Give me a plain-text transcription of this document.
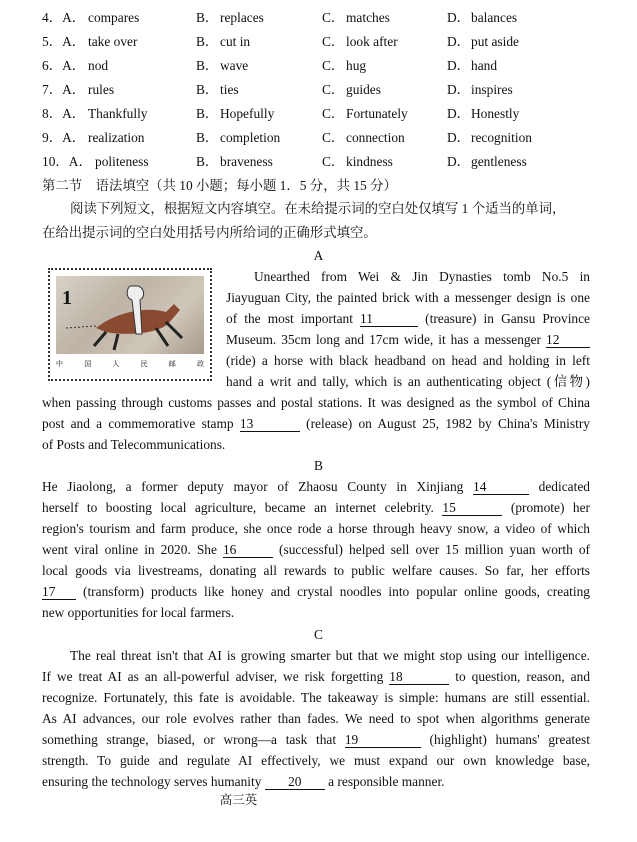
4．A． compares	B． replaces	C． matches	D． balances
5．A． take over	B． cut in	C． look after	D． put aside
6．A． nod	B． wave	C． hug	D． hand
7．A． rules	B． ties	C． guides	D． inspires
8．A． Thankfully	B． Hopefully	C． Fortunately	D． Honestly
9．A． realization	B． completion	C． connection	D． recognition
10．A． politeness	B． braveness	C． kindness	D． gentleness
第二节　语法填空（共 10 小题；每小题 1．5 分，共 15 分）
阅读下列短文，根据短文内容填空。在未给提示词的空白处仅填写 1 个适当的单词，
在给出提示词的空白处用括号内所给词的正确形式填空。
1
中	国	人	民	邮	政
A
Unearthed from Wei & Jin Dynasties tomb No.5 in
Jiayuguan City, the painted brick with a messenger design is one
of the most important 11	(treasure) in Gansu Province
Museum. 35cm long and 17cm wide, it has a messenger 12
(ride) a horse with black headband on head and holding in left
hand a writ and tally, which is an authenticating object (信物)
when passing through customs passes and postal stations. It was designed as the symbol of China
post and a commemorative stamp 13	(release) on August 25, 1982 by China's Ministry
of Posts and Telecommunications.
B
He Jiaolong, a former deputy mayor of Zhaosu County in Xinjiang 14	dedicated
herself to boosting local agriculture, became an internet celebrity. 15	(promote) her
region's tourism and farm produce, she once rode a horse through heavy snow, a video of which
went viral online in 2020. She 16	(successful) helped sell over 15 million yuan worth of
local goods via livestreams, donating all rewards to public welfare causes. So far, her efforts
17 (transform) products like honey and crystal noodles into popular online goods, creating
new opportunities for local farmers.
C
The real threat isn't that AI is growing smarter but that we might stop using our intelligence.
If we treat AI as an all-powerful adviser, we risk forgetting 18	to question, reason, and
recognize. Fortunately, this fate is avoidable. The takeaway is simple: humans are still essential.
As AI advances, our role evolves rather than fades. We need to spot when algorithms generate
something strange, biased, or wrong—a task that 19	(highlight) humans' greatest
strength. To guide and regulate AI effectively, we must expand our own knowledge base,
ensuring the technology serves humanity 20 a responsible manner.
高三英
